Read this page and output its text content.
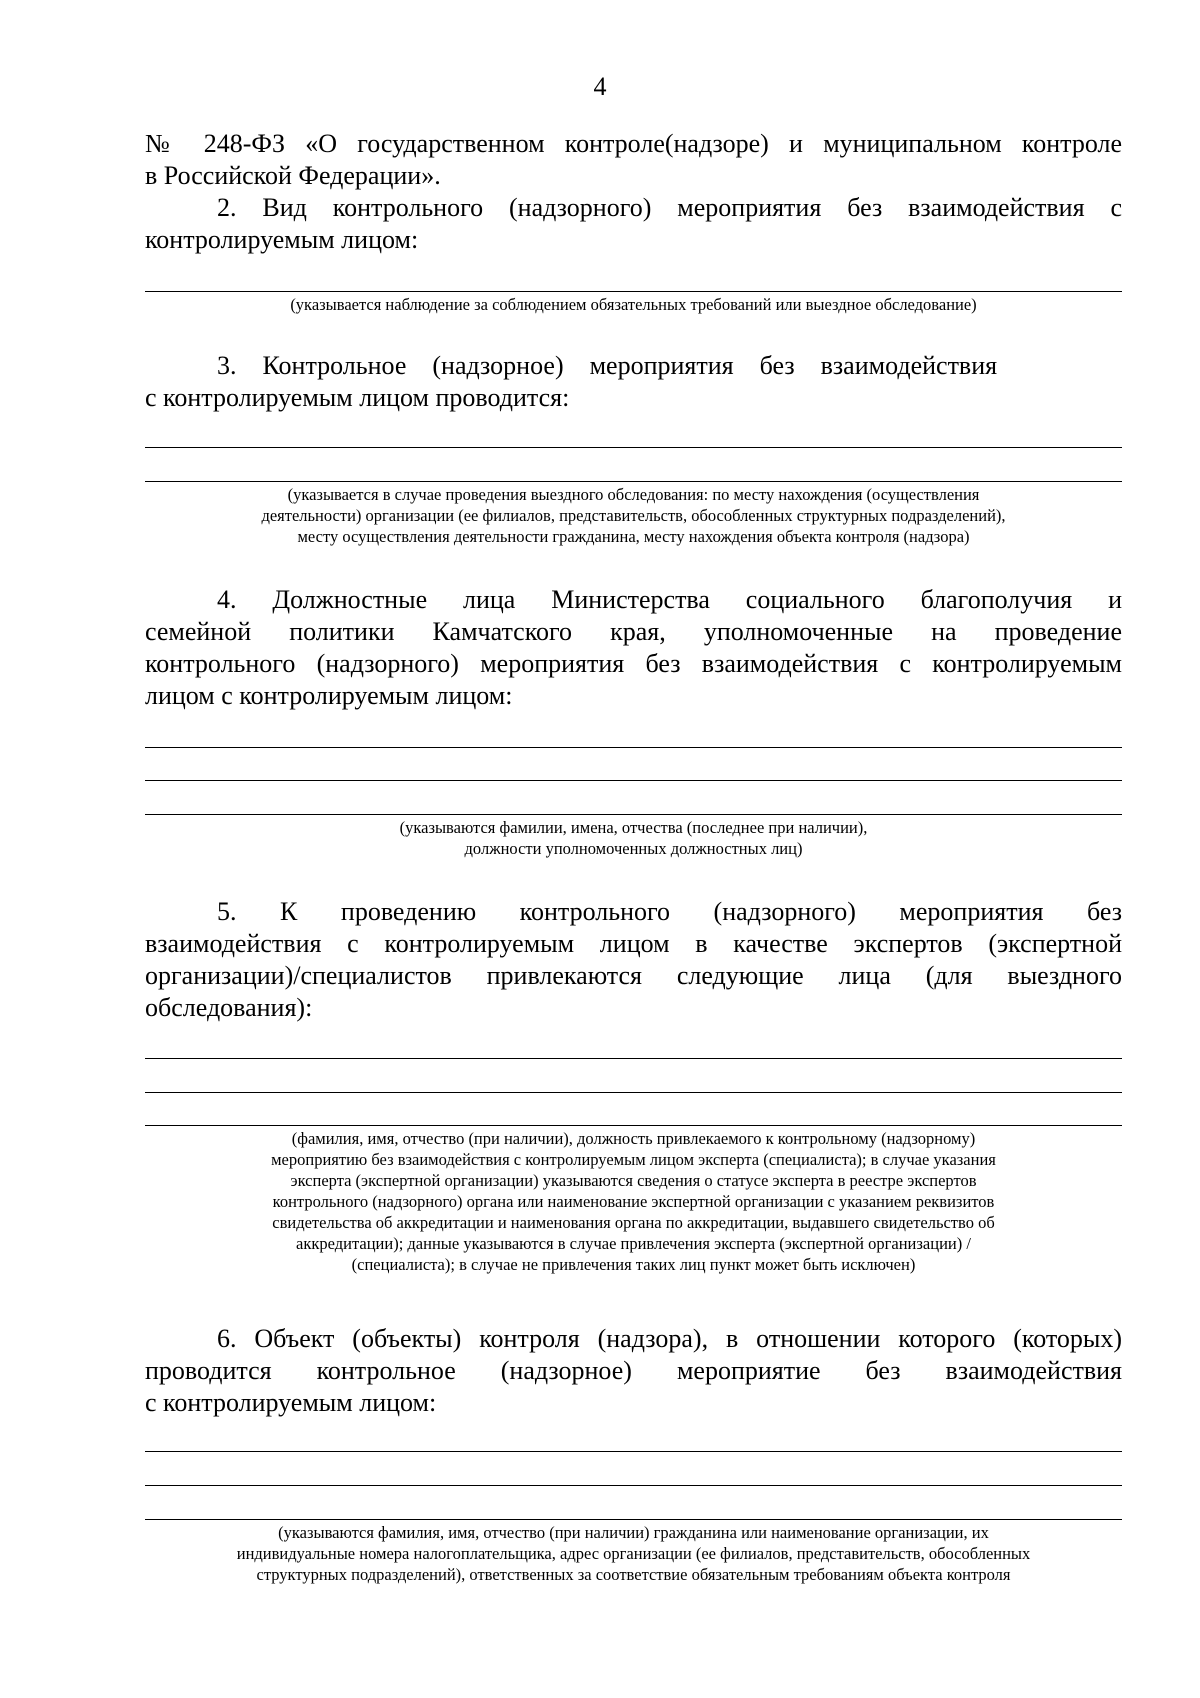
4
№ 248-ФЗ «О государственном контроле(надзоре) и муниципальном контроле
в Российской Федерации».
2. Вид контрольного (надзорного) мероприятия без взаимодействия с
контролируемым лицом:
(указывается наблюдение за соблюдением обязательных требований или выездное обследование)
3.    Контрольное    (надзорное)    мероприятия    без    взаимодействия
с контролируемым лицом проводится:
(указывается в случае проведения выездного обследования: по месту нахождения (осуществления
деятельности) организации (ее филиалов, представительств, обособленных структурных подразделений),
месту осуществления деятельности гражданина, месту нахождения объекта контроля (надзора)
4. Должностные лица Министерства социального благополучия и
семейной политики Камчатского края, уполномоченные на проведение
контрольного (надзорного) мероприятия без взаимодействия с контролируемым
лицом с контролируемым лицом:
(указываются фамилии, имена, отчества (последнее при наличии),
должности уполномоченных должностных лиц)
5. К проведению контрольного (надзорного) мероприятия без
взаимодействия с контролируемым лицом в качестве экспертов (экспертной
организации)/специалистов привлекаются следующие лица (для выездного
обследования):
(фамилия, имя, отчество (при наличии), должность привлекаемого к контрольному (надзорному)
мероприятию без взаимодействия с контролируемым лицом эксперта (специалиста); в случае указания
эксперта (экспертной организации) указываются сведения о статусе эксперта в реестре экспертов
контрольного (надзорного) органа или наименование экспертной организации с указанием реквизитов
свидетельства об аккредитации и наименования органа по аккредитации, выдавшего свидетельство об
аккредитации); данные указываются в случае привлечения эксперта (экспертной организации) /
(специалиста); в случае не привлечения таких лиц пункт может быть исключен)
6. Объект (объекты) контроля (надзора), в отношении которого (которых)
проводится контрольное (надзорное) мероприятие без взаимодействия
с контролируемым лицом:
(указываются фамилия, имя, отчество (при наличии) гражданина или наименование организации, их
индивидуальные номера налогоплательщика, адрес организации (ее филиалов, представительств, обособленных
структурных подразделений), ответственных за соответствие обязательным требованиям объекта контроля
